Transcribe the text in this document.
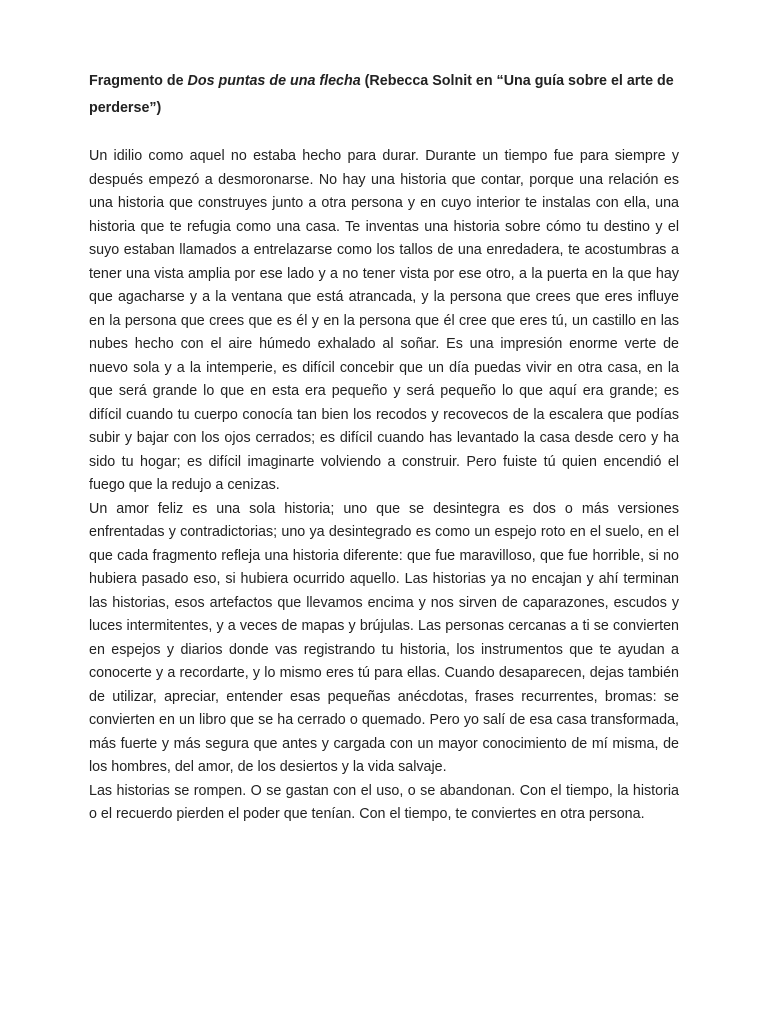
Fragmento de Dos puntas de una flecha (Rebecca Solnit en “Una guía sobre el arte de perderse”)

Un idilio como aquel no estaba hecho para durar. Durante un tiempo fue para siempre y después empezó a desmoronarse. No hay una historia que contar, porque una relación es una historia que construyes junto a otra persona y en cuyo interior te instalas con ella, una historia que te refugia como una casa. Te inventas una historia sobre cómo tu destino y el suyo estaban llamados a entrelazarse como los tallos de una enredadera, te acostumbras a tener una vista amplia por ese lado y a no tener vista por ese otro, a la puerta en la que hay que agacharse y a la ventana que está atrancada, y la persona que crees que eres influye en la persona que crees que es él y en la persona que él cree que eres tú, un castillo en las nubes hecho con el aire húmedo exhalado al soñar. Es una impresión enorme verte de nuevo sola y a la intemperie, es difícil concebir que un día puedas vivir en otra casa, en la que será grande lo que en esta era pequeño y será pequeño lo que aquí era grande; es difícil cuando tu cuerpo conocía tan bien los recodos y recovecos de la escalera que podías subir y bajar con los ojos cerrados; es difícil cuando has levantado la casa desde cero y ha sido tu hogar; es difícil imaginarte volviendo a construir. Pero fuiste tú quien encendió el fuego que la redujo a cenizas.

Un amor feliz es una sola historia; uno que se desintegra es dos o más versiones enfrentadas y contradictorias; uno ya desintegrado es como un espejo roto en el suelo, en el que cada fragmento refleja una historia diferente: que fue maravilloso, que fue horrible, si no hubiera pasado eso, si hubiera ocurrido aquello. Las historias ya no encajan y ahí terminan las historias, esos artefactos que llevamos encima y nos sirven de caparazones, escudos y luces intermitentes, y a veces de mapas y brújulas. Las personas cercanas a ti se convierten en espejos y diarios donde vas registrando tu historia, los instrumentos que te ayudan a conocerte y a recordarte, y lo mismo eres tú para ellas. Cuando desaparecen, dejas también de utilizar, apreciar, entender esas pequeñas anécdotas, frases recurrentes, bromas: se convierten en un libro que se ha cerrado o quemado. Pero yo salí de esa casa transformada, más fuerte y más segura que antes y cargada con un mayor conocimiento de mí misma, de los hombres, del amor, de los desiertos y la vida salvaje.

Las historias se rompen. O se gastan con el uso, o se abandonan. Con el tiempo, la historia o el recuerdo pierden el poder que tenían. Con el tiempo, te conviertes en otra persona.
